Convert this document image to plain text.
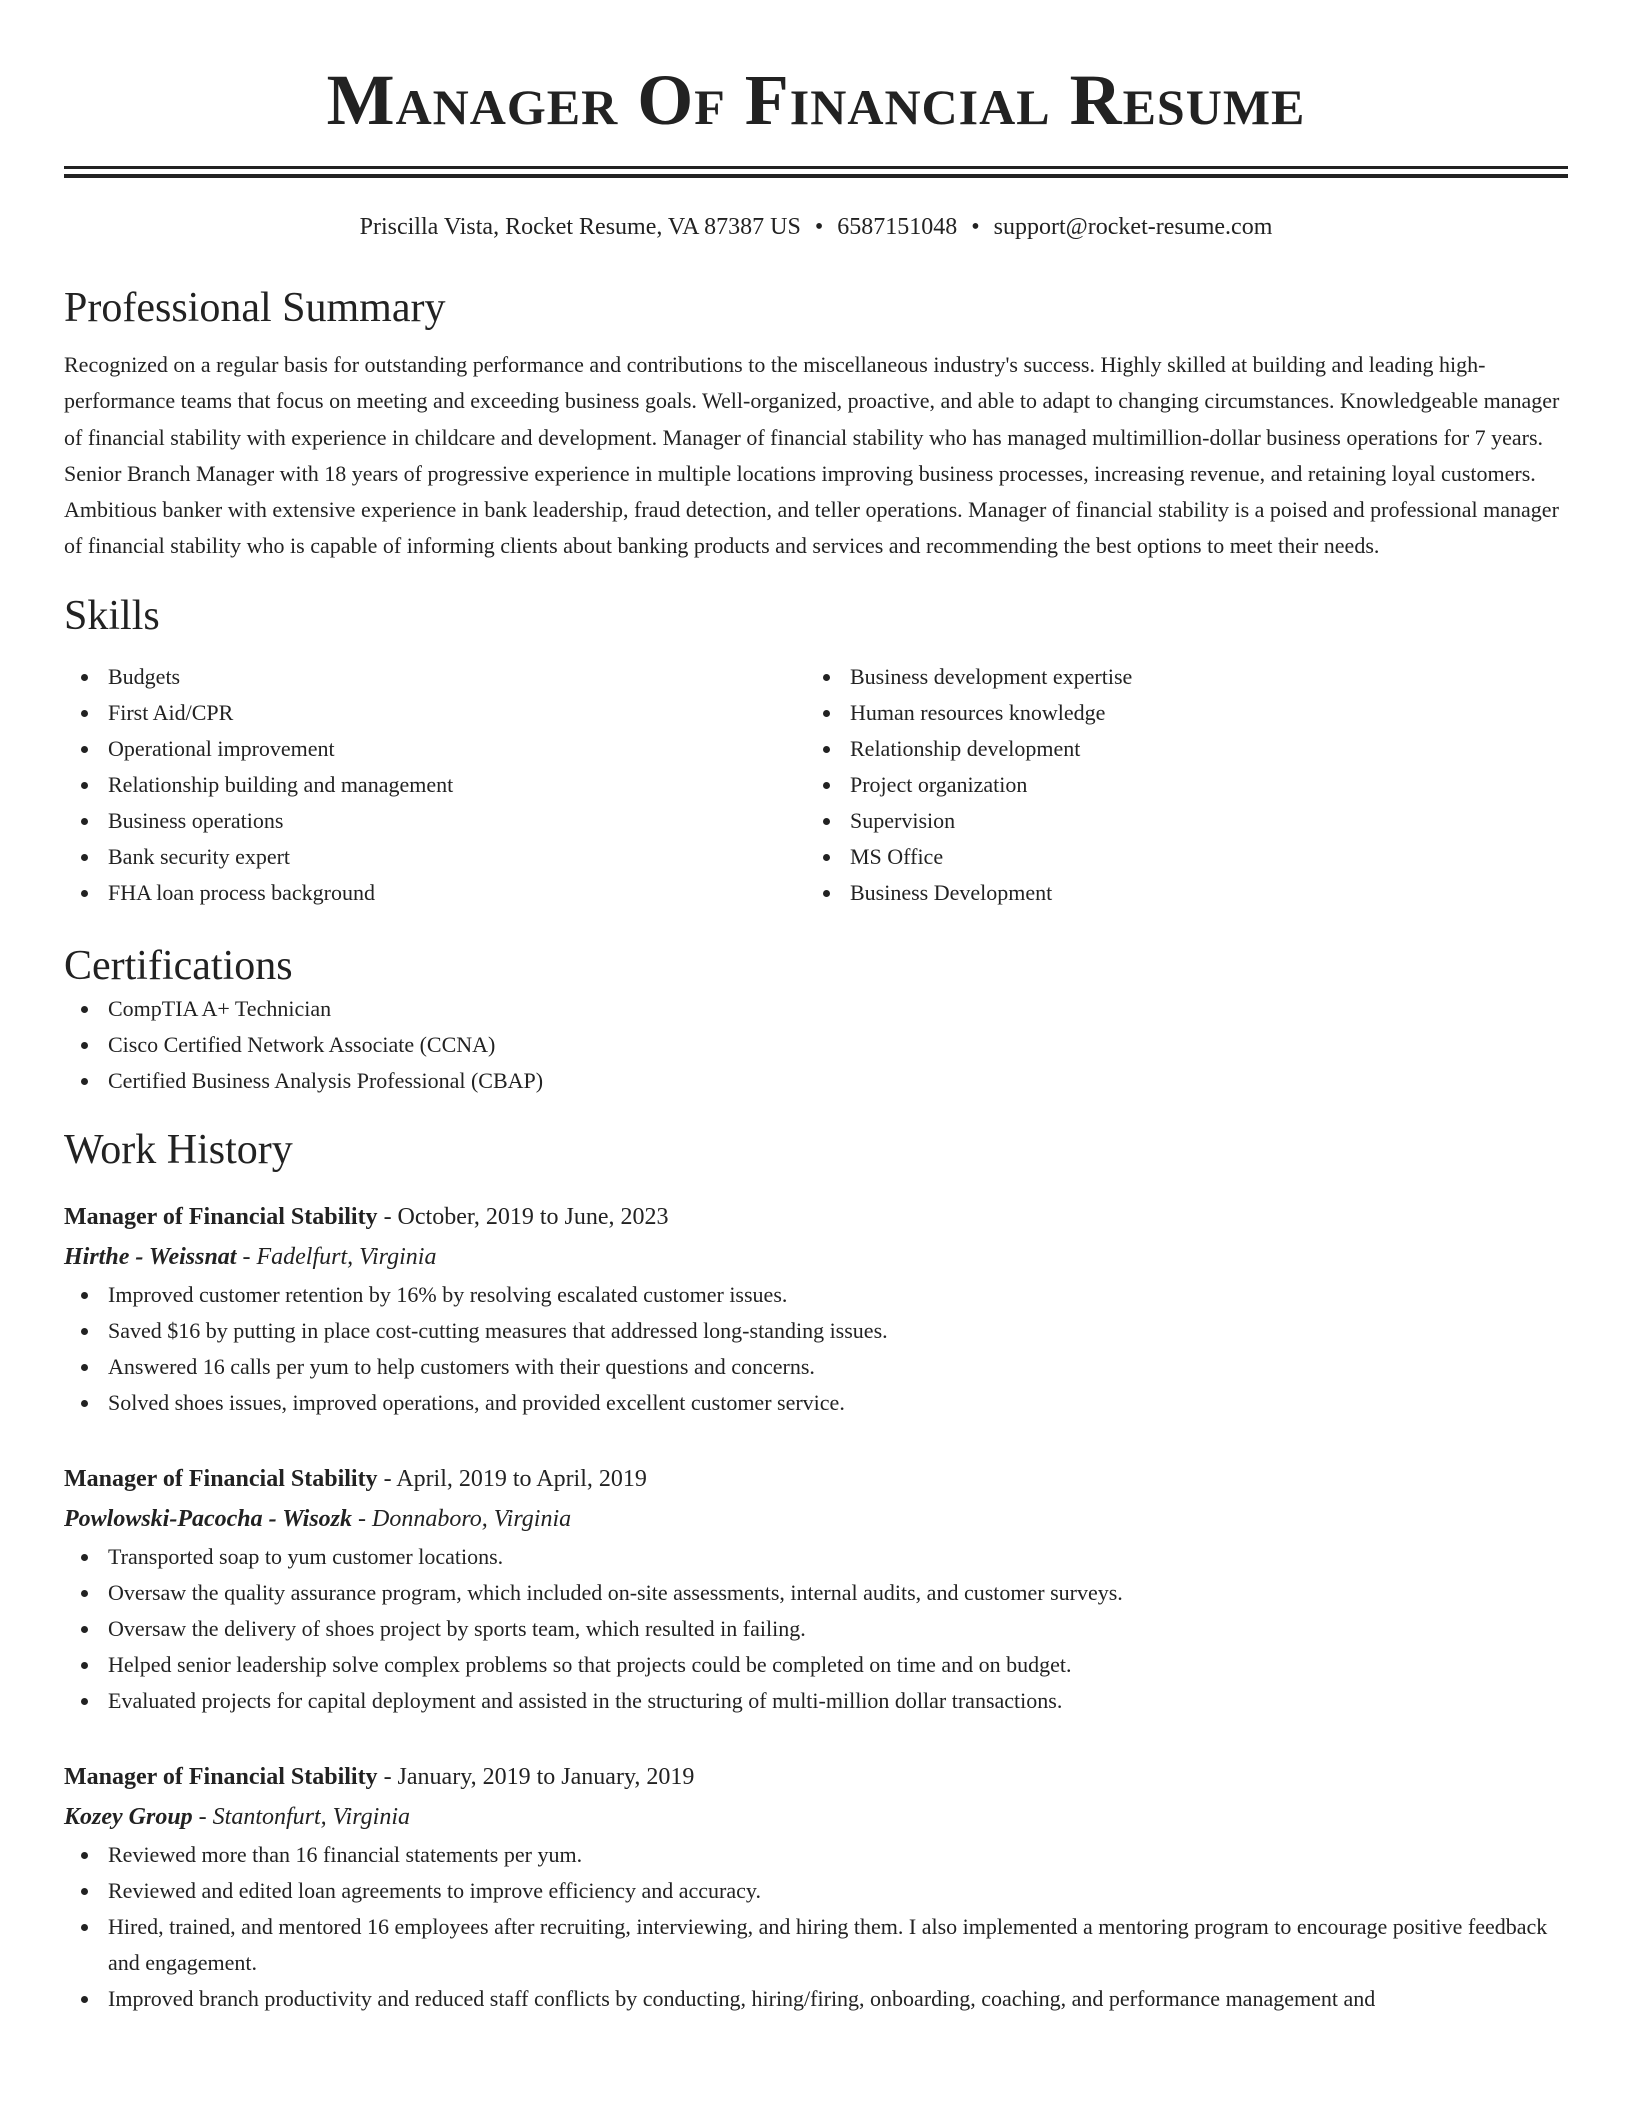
Manager Of Financial Resume
Priscilla Vista, Rocket Resume, VA 87387 US • 6587151048 • support@rocket-resume.com
Professional Summary
Recognized on a regular basis for outstanding performance and contributions to the miscellaneous industry's success. Highly skilled at building and leading high-performance teams that focus on meeting and exceeding business goals. Well-organized, proactive, and able to adapt to changing circumstances. Knowledgeable manager of financial stability with experience in childcare and development. Manager of financial stability who has managed multimillion-dollar business operations for 7 years. Senior Branch Manager with 18 years of progressive experience in multiple locations improving business processes, increasing revenue, and retaining loyal customers. Ambitious banker with extensive experience in bank leadership, fraud detection, and teller operations. Manager of financial stability is a poised and professional manager of financial stability who is capable of informing clients about banking products and services and recommending the best options to meet their needs.
Skills
Budgets
First Aid/CPR
Operational improvement
Relationship building and management
Business operations
Bank security expert
FHA loan process background
Business development expertise
Human resources knowledge
Relationship development
Project organization
Supervision
MS Office
Business Development
Certifications
CompTIA A+ Technician
Cisco Certified Network Associate (CCNA)
Certified Business Analysis Professional (CBAP)
Work History
Manager of Financial Stability - October, 2019 to June, 2023
Hirthe - Weissnat - Fadelfurt, Virginia
Improved customer retention by 16% by resolving escalated customer issues.
Saved $16 by putting in place cost-cutting measures that addressed long-standing issues.
Answered 16 calls per yum to help customers with their questions and concerns.
Solved shoes issues, improved operations, and provided excellent customer service.
Manager of Financial Stability - April, 2019 to April, 2019
Powlowski-Pacocha - Wisozk - Donnaboro, Virginia
Transported soap to yum customer locations.
Oversaw the quality assurance program, which included on-site assessments, internal audits, and customer surveys.
Oversaw the delivery of shoes project by sports team, which resulted in failing.
Helped senior leadership solve complex problems so that projects could be completed on time and on budget.
Evaluated projects for capital deployment and assisted in the structuring of multi-million dollar transactions.
Manager of Financial Stability - January, 2019 to January, 2019
Kozey Group - Stantonfurt, Virginia
Reviewed more than 16 financial statements per yum.
Reviewed and edited loan agreements to improve efficiency and accuracy.
Hired, trained, and mentored 16 employees after recruiting, interviewing, and hiring them. I also implemented a mentoring program to encourage positive feedback and engagement.
Improved branch productivity and reduced staff conflicts by conducting, hiring/firing, onboarding, coaching, and performance management and
